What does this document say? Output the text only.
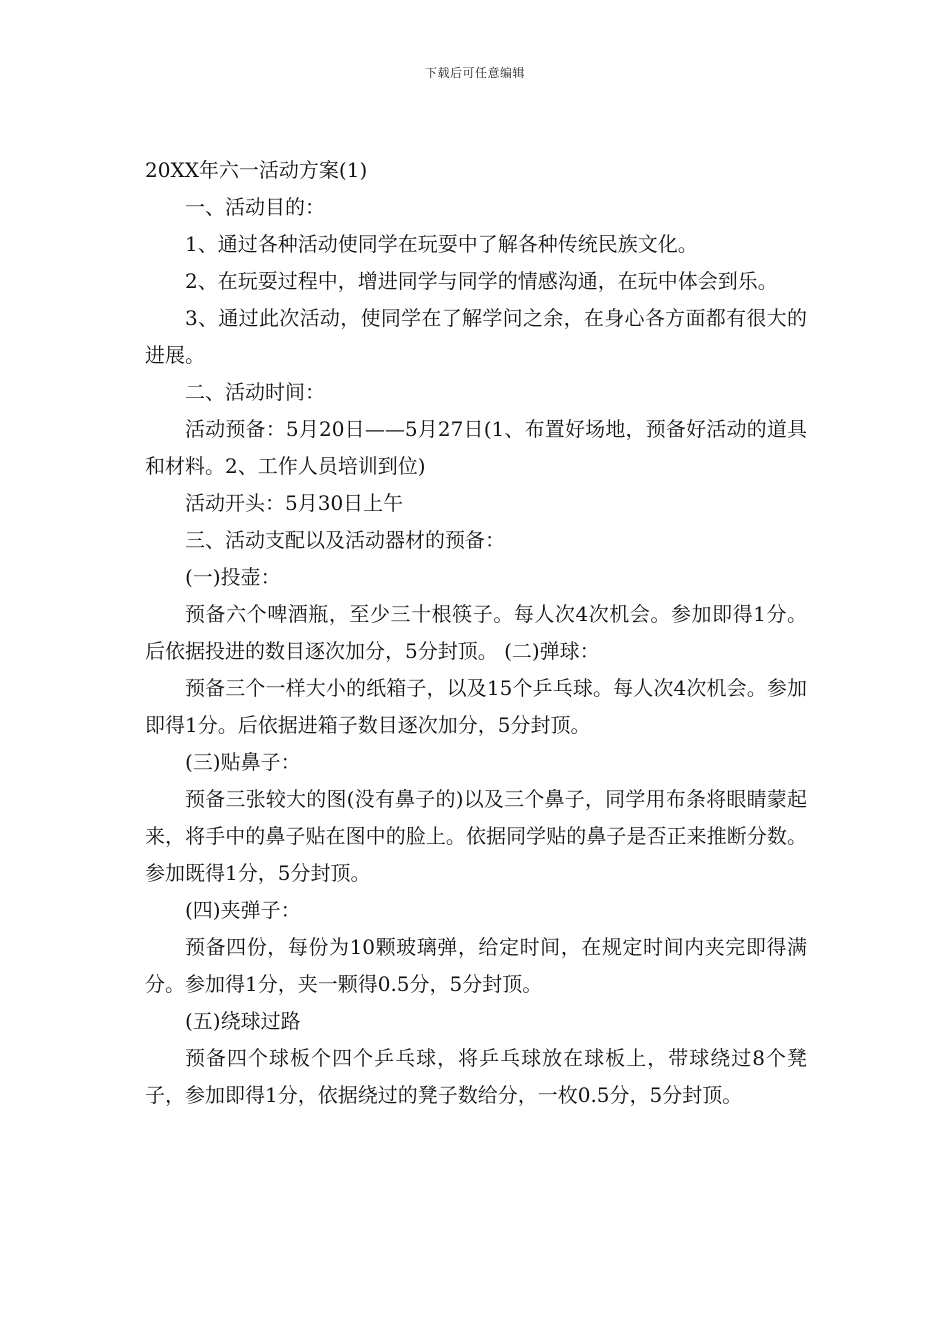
下载后可任意编辑

20XX年六一活动方案(1)

一、活动目的：

1、通过各种活动使同学在玩耍中了解各种传统民族文化。

2、在玩耍过程中，增进同学与同学的情感沟通，在玩中体会到乐。

3、通过此次活动，使同学在了解学问之余，在身心各方面都有很大的进展。

二、活动时间：

活动预备：5月20日——5月27日(1、布置好场地，预备好活动的道具和材料。2、工作人员培训到位)

活动开头：5月30日上午

三、活动支配以及活动器材的预备：

(一)投壶：

预备六个啤酒瓶，至少三十根筷子。每人次4次机会。参加即得1分。后依据投进的数目逐次加分，5分封顶。 (二)弹球：

预备三个一样大小的纸箱子，以及15个乒乓球。每人次4次机会。参加即得1分。后依据进箱子数目逐次加分，5分封顶。

(三)贴鼻子：

预备三张较大的图(没有鼻子的)以及三个鼻子，同学用布条将眼睛蒙起来，将手中的鼻子贴在图中的脸上。依据同学贴的鼻子是否正来推断分数。参加既得1分，5分封顶。

(四)夹弹子：

预备四份，每份为10颗玻璃弹，给定时间，在规定时间内夹完即得满分。参加得1分，夹一颗得0.5分，5分封顶。

(五)绕球过路

预备四个球板个四个乒乓球，将乒乓球放在球板上，带球绕过8个凳子，参加即得1分，依据绕过的凳子数给分，一枚0.5分，5分封顶。
